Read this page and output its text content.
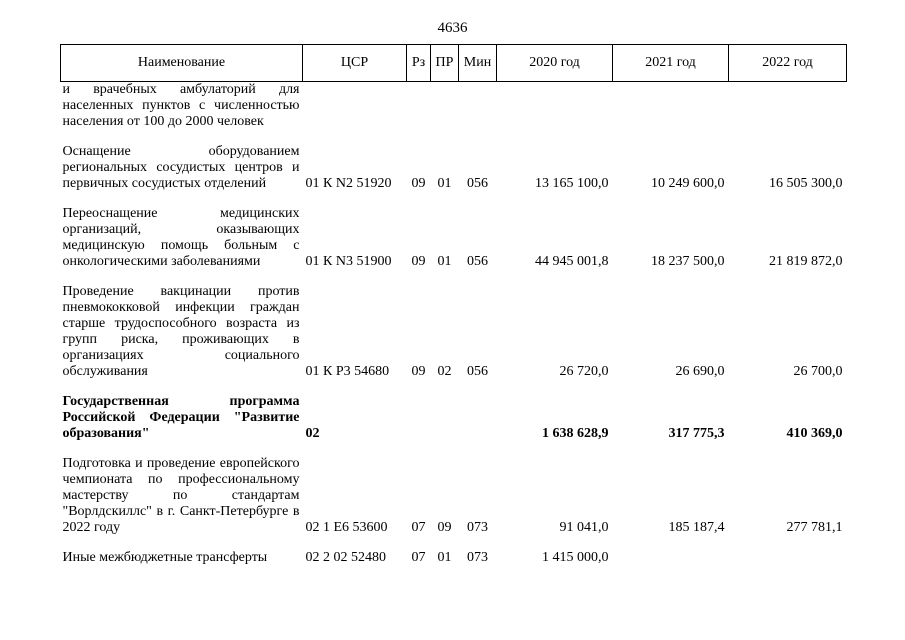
4636
Наименование	ЦСР	Рз	ПР	Мин	2020 год	2021 год	2022 год
и врачебных амбулаторий для населенных пунктов с численностью населения от 100 до 2000 человек							
Оснащение оборудованием региональных сосудистых центров и первичных сосудистых отделений	01 К N2 51920	09	01	056	13 165 100,0	10 249 600,0	16 505 300,0
Переоснащение медицинских организаций, оказывающих медицинскую помощь больным с онкологическими заболеваниями	01 К N3 51900	09	01	056	44 945 001,8	18 237 500,0	21 819 872,0
Проведение вакцинации против пневмококковой инфекции граждан старше трудоспособного возраста из групп риска, проживающих в организациях социального обслуживания	01 К P3 54680	09	02	056	26 720,0	26 690,0	26 700,0
Государственная программа Российской Федерации "Развитие образования"	02				1 638 628,9	317 775,3	410 369,0
Подготовка и проведение европейского чемпионата по профессиональному мастерству по стандартам "Ворлдскиллс" в г. Санкт-Петербурге в 2022 году	02 1 Е6 53600	07	09	073	91 041,0	185 187,4	277 781,1
Иные межбюджетные трансферты	02 2 02 52480	07	01	073	1 415 000,0		
